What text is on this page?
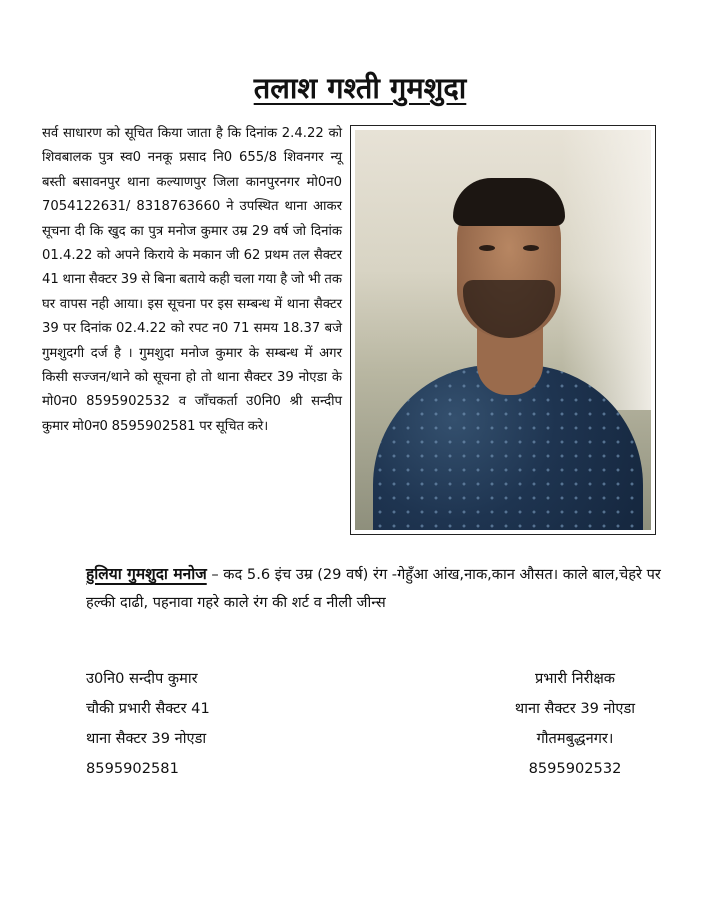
तलाश गश्ती गुमशुदा
सर्व साधारण को सूचित किया जाता है कि दिनांक 2.4.22 को शिवबालक पुत्र स्व0 ननकू प्रसाद नि0 655/8 शिवनगर न्यू बस्ती बसावनपुर थाना कल्याणपुर जिला कानपुरनगर मो0न0 7054122631/ 8318763660 ने उपस्थित थाना आकर सूचना दी कि खुद का पुत्र मनोज कुमार उम्र 29 वर्ष जो दिनांक 01.4.22 को अपने किराये के मकान जी 62 प्रथम तल सैक्टर 41 थाना सैक्टर 39 से बिना बताये कही चला गया है जो भी तक घर वापस नही आया। इस सूचना पर इस सम्बन्ध में थाना सैक्टर 39 पर दिनांक 02.4.22 को रपट न0 71 समय 18.37 बजे गुमशुदगी दर्ज है । गुमशुदा मनोज कुमार के सम्बन्ध में अगर किसी सज्जन/थाने को सूचना हो तो थाना सैक्टर 39 नोएडा के मो0न0 8595902532 व जाँचकर्ता उ0नि0 श्री सन्दीप कुमार मो0न0 8595902581 पर सूचित करे।
हुलिया गुमशुदा मनोज – कद 5.6 इंच उम्र (29 वर्ष) रंग -गेहुँआ आंख,नाक,कान औसत। काले बाल,चेहरे पर हल्की दाढी, पहनावा गहरे काले रंग की शर्ट व नीली जीन्स
उ0नि0 सन्दीप कुमार
चौकी प्रभारी सैक्टर 41
थाना सैक्टर 39 नोएडा
8595902581
प्रभारी निरीक्षक
थाना सैक्टर 39 नोएडा
गौतमबुद्धनगर।
8595902532
